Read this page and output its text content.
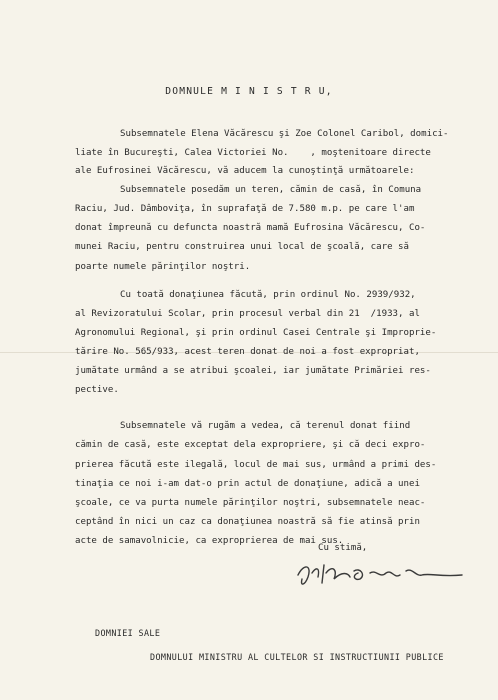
DOMNULE M I N I S T R U,
Subsemnatele Elena Văcărescu şi Zoe Colonel Caribol, domici-
liate în Bucureşti, Calea Victoriei No.    , moştenitoare directe
ale Eufrosinei Văcărescu, vă aducem la cunoştinţă următoarele:
Subsemnatele posedăm un teren, cămin de casă, în Comuna
Raciu, Jud. Dâmboviţa, în suprafaţă de 7.580 m.p. pe care l'am
donat împreună cu defuncta noastră mamă Eufrosina Văcărescu, Co-
munei Raciu, pentru construirea unui local de şcoală, care să
poarte numele părinţilor noştri.
Cu toată donaţiunea făcută, prin ordinul No. 2939/932,
al Revizoratului Scolar, prin procesul verbal din 21  /1933, al
Agronomului Regional, şi prin ordinul Casei Centrale şi Improprie-
tărire No. 565/933, acest teren donat de noi a fost expropriat,
jumătate urmând a se atribui şcoalei, iar jumătate Primăriei res-
pective.
Subsemnatele vă rugăm a vedea, că terenul donat fiind
cămin de casă, este exceptat dela expropriere, şi că deci expro-
prierea făcută este ilegală, locul de mai sus, urmând a primi des-
tinaţia ce noi i-am dat-o prin actul de donaţiune, adică a unei
şcoale, ce va purta numele părinţilor noştri, subsemnatele neac-
ceptând în nici un caz ca donaţiunea noastră să fie atinsă prin
acte de samavolnicie, ca exproprierea de mai sus.
Cu stimă,
DOMNIEI SALE
DOMNULUI MINISTRU AL CULTELOR SI INSTRUCTIUNII PUBLICE
